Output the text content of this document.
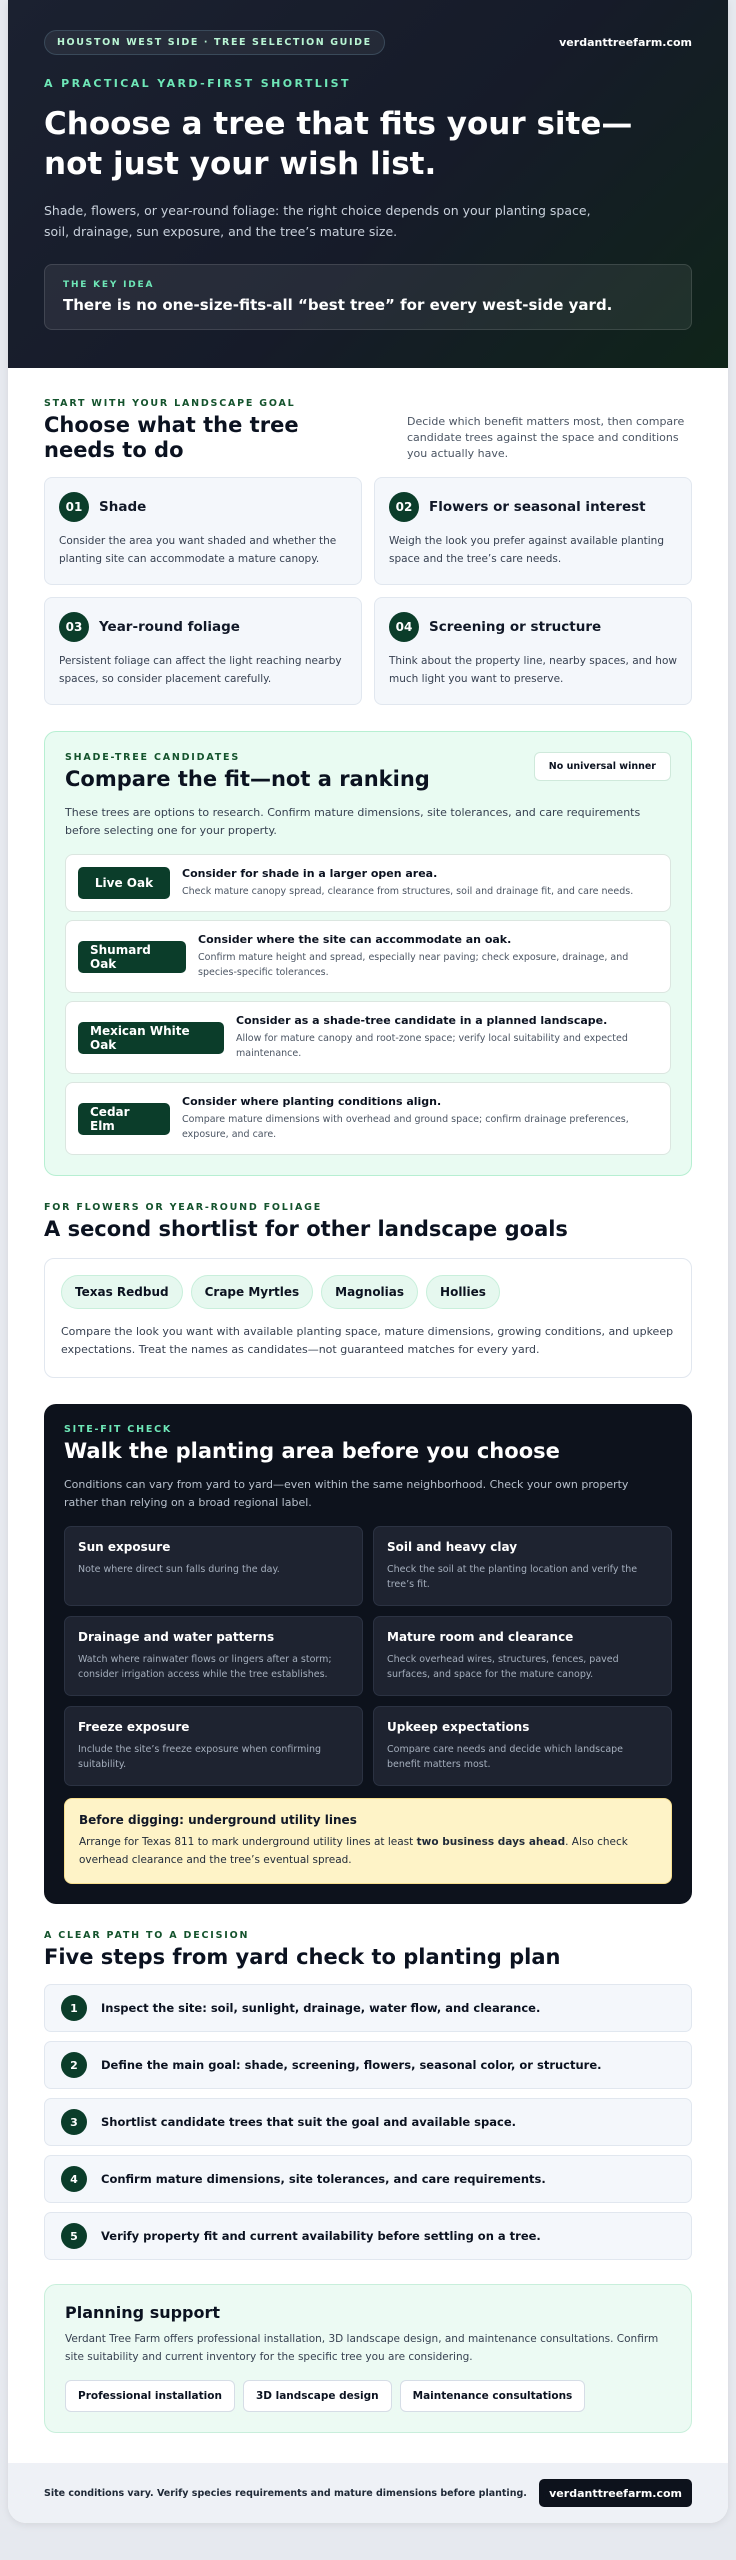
HOUSTON WEST SIDE · TREE SELECTION GUIDE	verdanttreefarm.com
A PRACTICAL YARD-FIRST SHORTLIST
Choose a tree that fits your site—not just your wish list.

Shade, flowers, or year-round foliage: the right choice depends on your planting space, soil, drainage, sun exposure, and the tree’s mature size.

THE KEY IDEA
There is no one-size-fits-all “best tree” for every west-side yard.
START WITH YOUR LANDSCAPE GOAL
Choose what the tree needs to do

Decide which benefit matters most, then compare candidate trees against the space and conditions you actually have.

01	Shade

Consider the area you want shaded and whether the planting site can accommodate a mature canopy.

02	Flowers or seasonal interest

Weigh the look you prefer against available planting space and the tree’s care needs.

03	Year-round foliage

Persistent foliage can affect the light reaching nearby spaces, so consider placement carefully.

04	Screening or structure

Think about the property line, nearby spaces, and how much light you want to preserve.

SHADE-TREE CANDIDATES
Compare the fit—not a ranking
No universal winner

These trees are options to research. Confirm mature dimensions, site tolerances, and care requirements before selecting one for your property.

Live Oak
Consider for shade in a larger open area.
Check mature canopy spread, clearance from structures, soil and drainage fit, and care needs.
Shumard Oak
Consider where the site can accommodate an oak.
Confirm mature height and spread, especially near paving; check exposure, drainage, and species-specific tolerances.
Mexican White Oak
Consider as a shade-tree candidate in a planned landscape.
Allow for mature canopy and root-zone space; verify local suitability and expected maintenance.
Cedar Elm
Consider where planting conditions align.
Compare mature dimensions with overhead and ground space; confirm drainage preferences, exposure, and care.
FOR FLOWERS OR YEAR-ROUND FOLIAGE
A second shortlist for other landscape goals
Texas Redbud	Crape Myrtles	Magnolias	Hollies

Compare the look you want with available planting space, mature dimensions, growing conditions, and upkeep expectations. Treat the names as candidates—not guaranteed matches for every yard.

SITE-FIT CHECK
Walk the planting area before you choose

Conditions can vary from yard to yard—even within the same neighborhood. Check your own property rather than relying on a broad regional label.

Sun exposure
Note where direct sun falls during the day.
Soil and heavy clay
Check the soil at the planting location and verify the tree’s fit.
Drainage and water patterns
Watch where rainwater flows or lingers after a storm; consider irrigation access while the tree establishes.
Mature room and clearance
Check overhead wires, structures, fences, paved surfaces, and space for the mature canopy.
Freeze exposure
Include the site’s freeze exposure when confirming suitability.
Upkeep expectations
Compare care needs and decide which landscape benefit matters most.
Before digging: underground utility lines

Arrange for Texas 811 to mark underground utility lines at least two business days ahead. Also check overhead clearance and the tree’s eventual spread.

A CLEAR PATH TO A DECISION
Five steps from yard check to planting plan
1	Inspect the site: soil, sunlight, drainage, water flow, and clearance.
2	Define the main goal: shade, screening, flowers, seasonal color, or structure.
3	Shortlist candidate trees that suit the goal and available space.
4	Confirm mature dimensions, site tolerances, and care requirements.
5	Verify property fit and current availability before settling on a tree.
Planning support

Verdant Tree Farm offers professional installation, 3D landscape design, and maintenance consultations. Confirm site suitability and current inventory for the specific tree you are considering.

Professional installation	3D landscape design	Maintenance consultations
Site conditions vary. Verify species requirements and mature dimensions before planting.	verdanttreefarm.com
